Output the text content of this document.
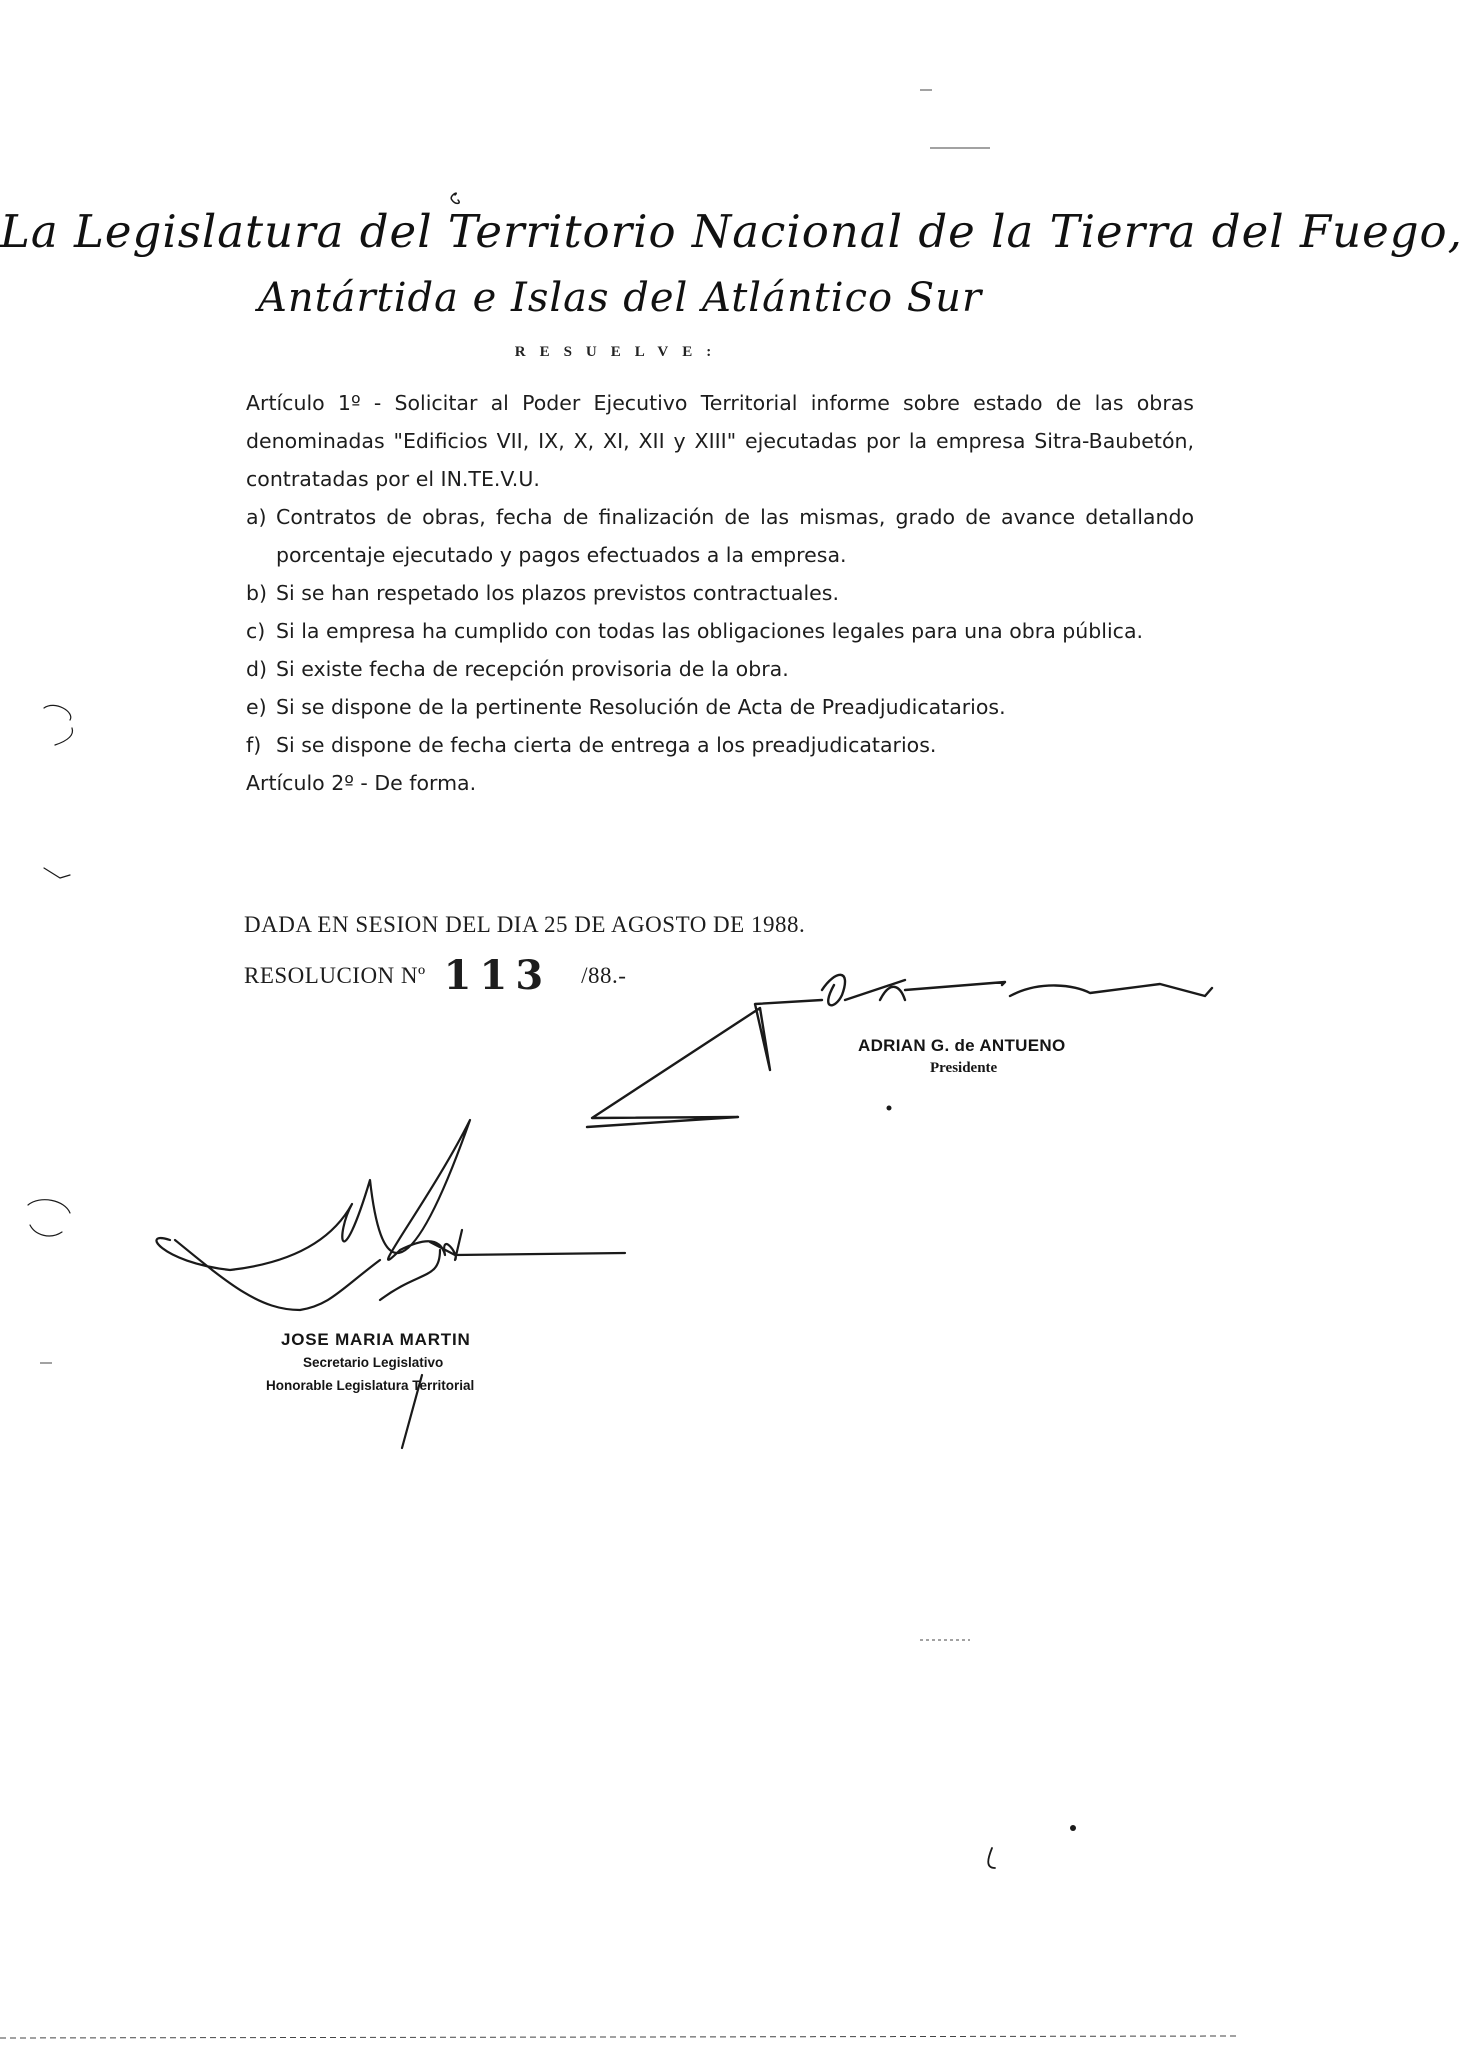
La Legislatura del Territorio Nacional de la Tierra del Fuego,
Antártida e Islas del Atlántico Sur
RESUELVE:
Artículo 1º - Solicitar al Poder Ejecutivo Territorial informe sobre estado de las obras denominadas "Edificios VII, IX, X, XI, XII y XIII" ejecutadas por la empresa Sitra-Baubetón, contratadas por el IN.TE.V.U.
a) Contratos de obras, fecha de finalización de las mismas, grado de avance detallando porcentaje ejecutado y pagos efectuados a la empresa.
b) Si se han respetado los plazos previstos contractuales.
c) Si la empresa ha cumplido con todas las obligaciones legales para una obra pública.
d) Si existe fecha de recepción provisoria de la obra.
e) Si se dispone de la pertinente Resolución de Acta de Preadjudicatarios.
f) Si se dispone de fecha cierta de entrega a los preadjudicatarios.
Artículo 2º - De forma.
DADA EN SESION DEL DIA 25 DE AGOSTO DE 1988.
RESOLUCION Nº 113 /88.-
ADRIAN G. de ANTUENO
Presidente
JOSE MARIA MARTIN
Secretario Legislativo
Honorable Legislatura Territorial
